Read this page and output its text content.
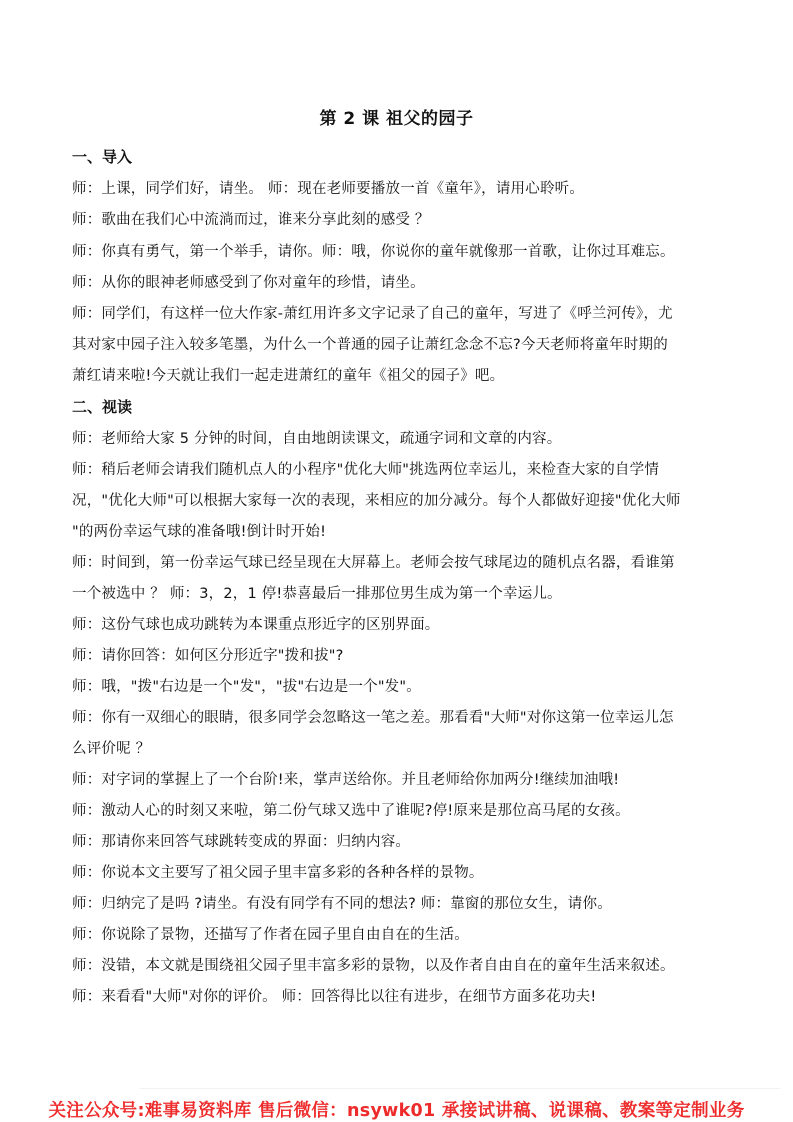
第 2 课 祖父的园子
一、导入
师：上课，同学们好，请坐。 师：现在老师要播放一首《童年》，请用心聆听。
师：歌曲在我们心中流淌而过，谁来分享此刻的感受 ？
师：你真有勇气，第一个举手，请你。师：哦，你说你的童年就像那一首歌，让你过耳难忘。
师：从你的眼神老师感受到了你对童年的珍惜，请坐。
师：同学们，有这样一位大作家-萧红用许多文字记录了自己的童年，写进了《呼兰河传》，尤
其对家中园子注入较多笔墨，为什么一个普通的园子让萧红念念不忘?今天老师将童年时期的
萧红请来啦!今天就让我们一起走进萧红的童年《祖父的园子》吧。
二、视读
师：老师给大家 5 分钟的时间，自由地朗读课文，疏通字词和文章的内容。
师：稍后老师会请我们随机点人的小程序"优化大师"挑选两位幸运儿，来检查大家的自学情
况，"优化大师"可以根据大家每一次的表现，来相应的加分减分。每个人都做好迎接"优化大师
"的两份幸运气球的准备哦!倒计时开始!
师：时间到，第一份幸运气球已经呈现在大屏幕上。老师会按气球尾边的随机点名器，看谁第
一个被选中 ？ 师：3，2，1 停!恭喜最后一排那位男生成为第一个幸运儿。
师：这份气球也成功跳转为本课重点形近字的区别界面。
师：请你回答：如何区分形近字"拨和拔"?
师：哦，"拨"右边是一个"发"，"拔"右边是一个"发"。
师：你有一双细心的眼睛，很多同学会忽略这一笔之差。那看看"大师"对你这第一位幸运儿怎
么评价呢 ？
师：对字词的掌握上了一个台阶!来，掌声送给你。并且老师给你加两分!继续加油哦!
师：激动人心的时刻又来啦，第二份气球又选中了谁呢?停!原来是那位高马尾的女孩。
师：那请你来回答气球跳转变成的界面：归纳内容。
师：你说本文主要写了祖父园子里丰富多彩的各种各样的景物。
师：归纳完了是吗 ?请坐。有没有同学有不同的想法? 师：靠窗的那位女生，请你。
师：你说除了景物，还描写了作者在园子里自由自在的生活。
师：没错，本文就是围绕祖父园子里丰富多彩的景物，以及作者自由自在的童年生活来叙述。
师：来看看"大师"对你的评价。 师：回答得比以往有进步，在细节方面多花功夫!
关注公众号:难事易资料库 售后微信：nsywk01 承接试讲稿、说课稿、教案等定制业务
